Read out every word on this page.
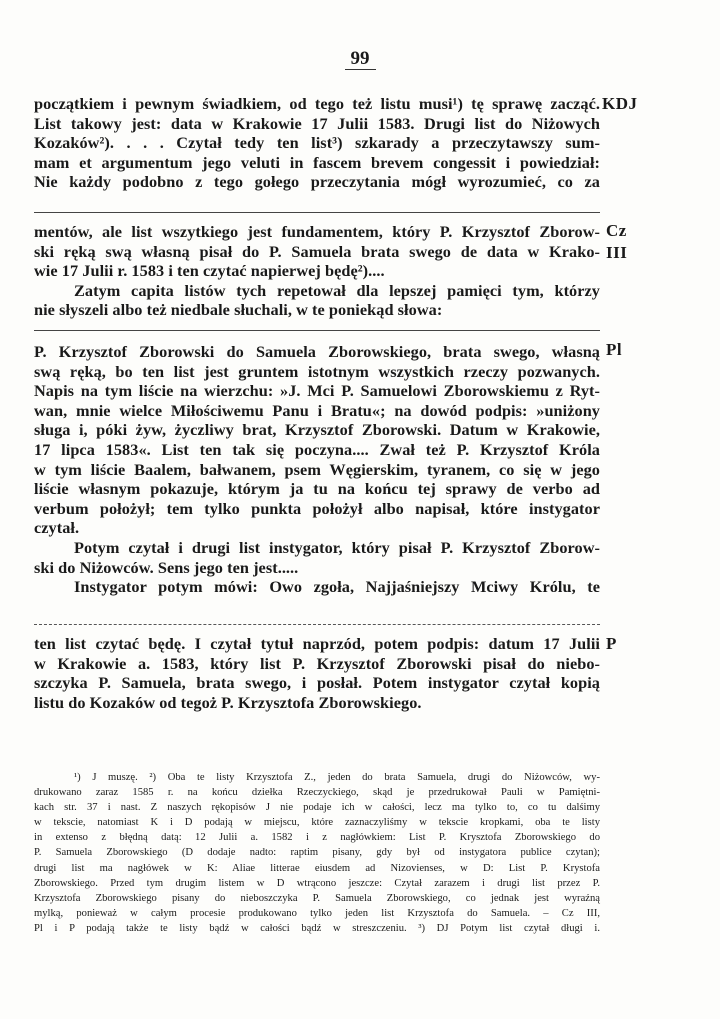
99
KDJ
początkiem i pewnym świadkiem, od tego też listu musi¹) tę sprawę zacząć.
List takowy jest: data w Krakowie 17 Julii 1583. Drugi list do Niżowych
Kozaków²). . . . Czytał tedy ten list³) szkarady a przeczytawszy sum-
mam et argumentum jego veluti in fascem brevem congessit i powiedział:
Nie każdy podobno z tego gołego przeczytania mógł wyrozumieć, co za
Cz III
mentów, ale list wszytkiego jest fundamentem, który P. Krzysztof Zborow-
ski ręką swą własną pisał do P. Samuela brata swego de data w Krako-
wie 17 Julii r. 1583 i ten czytać napierwej będę²)....
Zatym capita listów tych repetował dla lepszej pamięci tym, którzy
nie słyszeli albo też niedbale słuchali, w te poniekąd słowa:
Pl
P. Krzysztof Zborowski do Samuela Zborowskiego, brata swego, własną
swą ręką, bo ten list jest gruntem istotnym wszystkich rzeczy pozwanych.
Napis na tym liście na wierzchu: »J. Mci P. Samuelowi Zborowskiemu z Ryt-
wan, mnie wielce Miłościwemu Panu i Bratu«; na dowód podpis: »uniżony
sługa i, póki żyw, życzliwy brat, Krzysztof Zborowski. Datum w Krakowie,
17 lipca 1583«. List ten tak się poczyna.... Zwał też P. Krzysztof Króla
w tym liście Baalem, bałwanem, psem Węgierskim, tyranem, co się w jego
liście własnym pokazuje, którym ja tu na końcu tej sprawy de verbo ad
verbum położył; tem tylko punkta położył albo napisał, które instygator
czytał.
Potym czytał i drugi list instygator, który pisał P. Krzysztof Zborow-
ski do Niżowców. Sens jego ten jest.....
Instygator potym mówi: Owo zgoła, Najjaśniejszy Mciwy Królu, te
P
ten list czytać będę. I czytał tytuł naprzód, potem podpis: datum 17 Julii
w Krakowie a. 1583, który list P. Krzysztof Zborowski pisał do niebo-
szczyka P. Samuela, brata swego, i posłał. Potem instygator czytał kopią
listu do Kozaków od tegoż P. Krzysztofa Zborowskiego.
¹) J muszę. ²) Oba te listy Krzysztofa Z., jeden do brata Samuela, drugi do Niżowców, wy-
drukowano zaraz 1585 r. na końcu dziełka Rzeczyckiego, skąd je przedrukował Pauli w Pamiętni-
kach str. 37 i nast. Z naszych rękopisów J nie podaje ich w całości, lecz ma tylko to, co tu dalśimy
w tekscie, natomiast K i D podają w miejscu, które zaznaczyliśmy w tekscie kropkami, oba te listy
in extenso z błędną datą: 12 Julii a. 1582 i z nagłówkiem: List P. Krysztofa Zborowskiego do
P. Samuela Zborowskiego (D dodaje nadto: raptim pisany, gdy był od instygatora publice czytan);
drugi list ma nagłówek w K: Aliae litterae eiusdem ad Nizovienses, w D: List P. Krystofa
Zborowskiego. Przed tym drugim listem w D wtrącono jeszcze: Czytał zarazem i drugi list przez P.
Krzysztofa Zborowskiego pisany do nieboszczyka P. Samuela Zborowskiego, co jednak jest wyraźną
mylką, ponieważ w całym procesie produkowano tylko jeden list Krzysztofa do Samuela. – Cz III,
Pl i P podają także te listy bądź w całości bądź w streszczeniu. ³) DJ Potym list czytał długi i.
